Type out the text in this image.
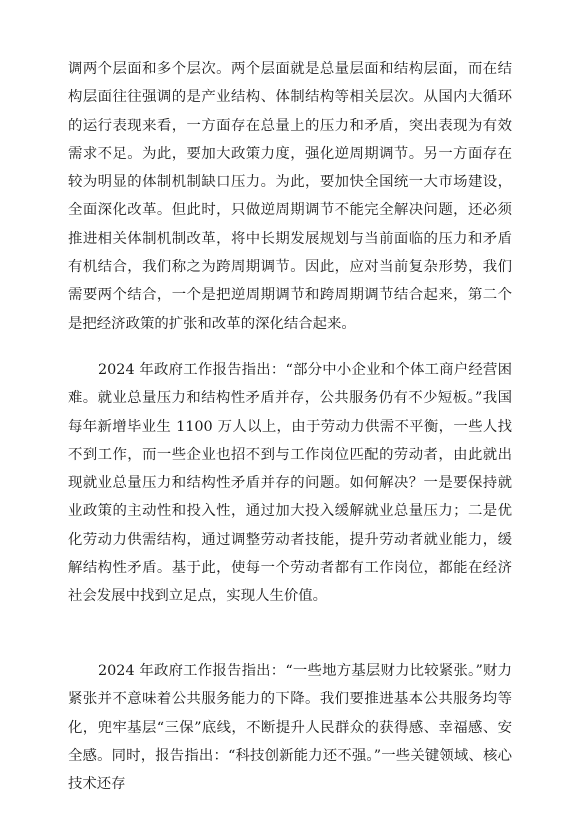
调两个层面和多个层次。两个层面就是总量层面和结构层面，而在结构层面往往强调的是产业结构、体制结构等相关层次。从国内大循环的运行表现来看，一方面存在总量上的压力和矛盾，突出表现为有效需求不足。为此，要加大政策力度，强化逆周期调节。另一方面存在较为明显的体制机制缺口压力。为此，要加快全国统一大市场建设，全面深化改革。但此时，只做逆周期调节不能完全解决问题，还必须推进相关体制机制改革，将中长期发展规划与当前面临的压力和矛盾有机结合，我们称之为跨周期调节。因此，应对当前复杂形势，我们需要两个结合，一个是把逆周期调节和跨周期调节结合起来，第二个是把经济政策的扩张和改革的深化结合起来。

2024 年政府工作报告指出：“部分中小企业和个体工商户经营困难。就业总量压力和结构性矛盾并存，公共服务仍有不少短板。”我国每年新增毕业生 1100 万人以上，由于劳动力供需不平衡，一些人找不到工作，而一些企业也招不到与工作岗位匹配的劳动者，由此就出现就业总量压力和结构性矛盾并存的问题。如何解决？一是要保持就业政策的主动性和投入性，通过加大投入缓解就业总量压力；二是优化劳动力供需结构，通过调整劳动者技能，提升劳动者就业能力，缓解结构性矛盾。基于此，使每一个劳动者都有工作岗位，都能在经济社会发展中找到立足点，实现人生价值。

2024 年政府工作报告指出：“一些地方基层财力比较紧张。”财力紧张并不意味着公共服务能力的下降。我们要推进基本公共服务均等化，兜牢基层“三保”底线，不断提升人民群众的获得感、幸福感、安全感。同时，报告指出：“科技创新能力还不强。”一些关键领域、核心技术还存
